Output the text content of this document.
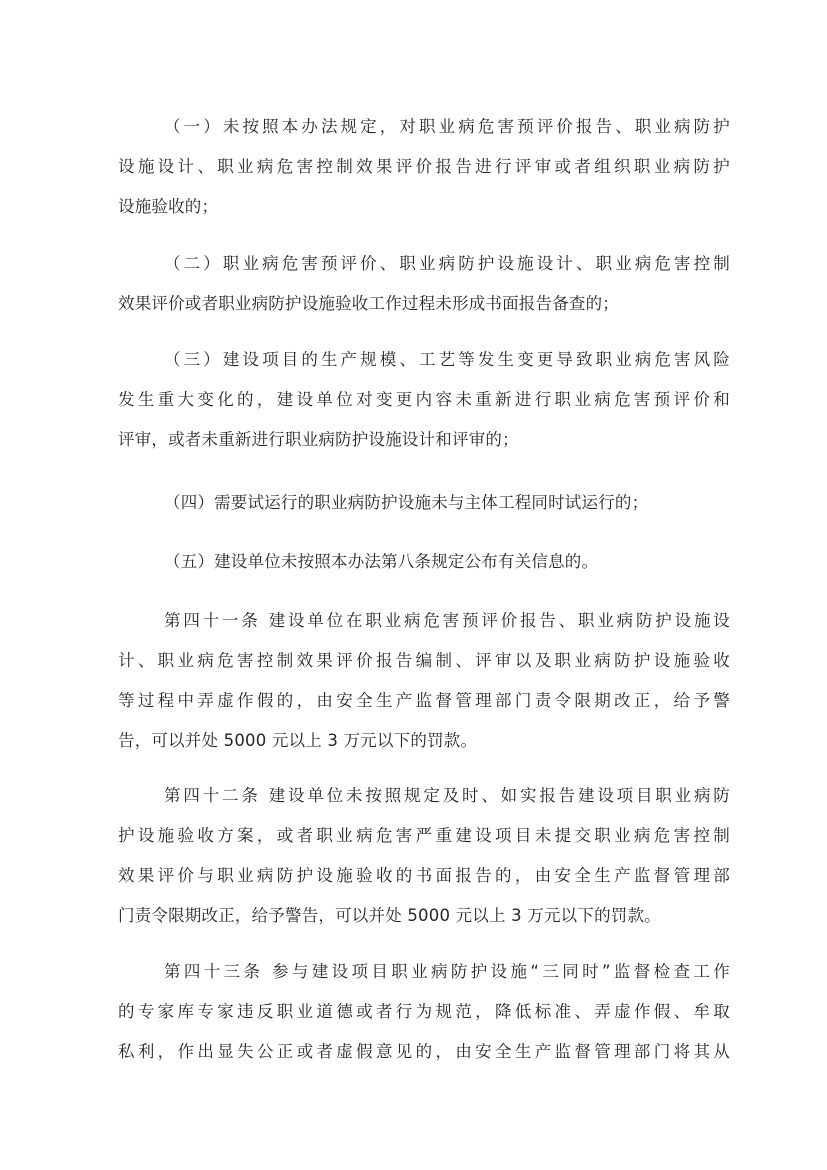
（一）未按照本办法规定，对职业病危害预评价报告、职业病防护
设施设计、职业病危害控制效果评价报告进行评审或者组织职业病防护
设施验收的；
（二）职业病危害预评价、职业病防护设施设计、职业病危害控制
效果评价或者职业病防护设施验收工作过程未形成书面报告备查的；
（三）建设项目的生产规模、工艺等发生变更导致职业病危害风险
发生重大变化的，建设单位对变更内容未重新进行职业病危害预评价和
评审，或者未重新进行职业病防护设施设计和评审的；
（四）需要试运行的职业病防护设施未与主体工程同时试运行的；
（五）建设单位未按照本办法第八条规定公布有关信息的。
第四十一条 建设单位在职业病危害预评价报告、职业病防护设施设
计、职业病危害控制效果评价报告编制、评审以及职业病防护设施验收
等过程中弄虚作假的，由安全生产监督管理部门责令限期改正，给予警
告，可以并处 5000 元以上 3 万元以下的罚款。
第四十二条 建设单位未按照规定及时、如实报告建设项目职业病防
护设施验收方案，或者职业病危害严重建设项目未提交职业病危害控制
效果评价与职业病防护设施验收的书面报告的，由安全生产监督管理部
门责令限期改正，给予警告，可以并处 5000 元以上 3 万元以下的罚款。
第四十三条 参与建设项目职业病防护设施“三同时”监督检查工作
的专家库专家违反职业道德或者行为规范，降低标准、弄虚作假、牟取
私利，作出显失公正或者虚假意见的，由安全生产监督管理部门将其从
